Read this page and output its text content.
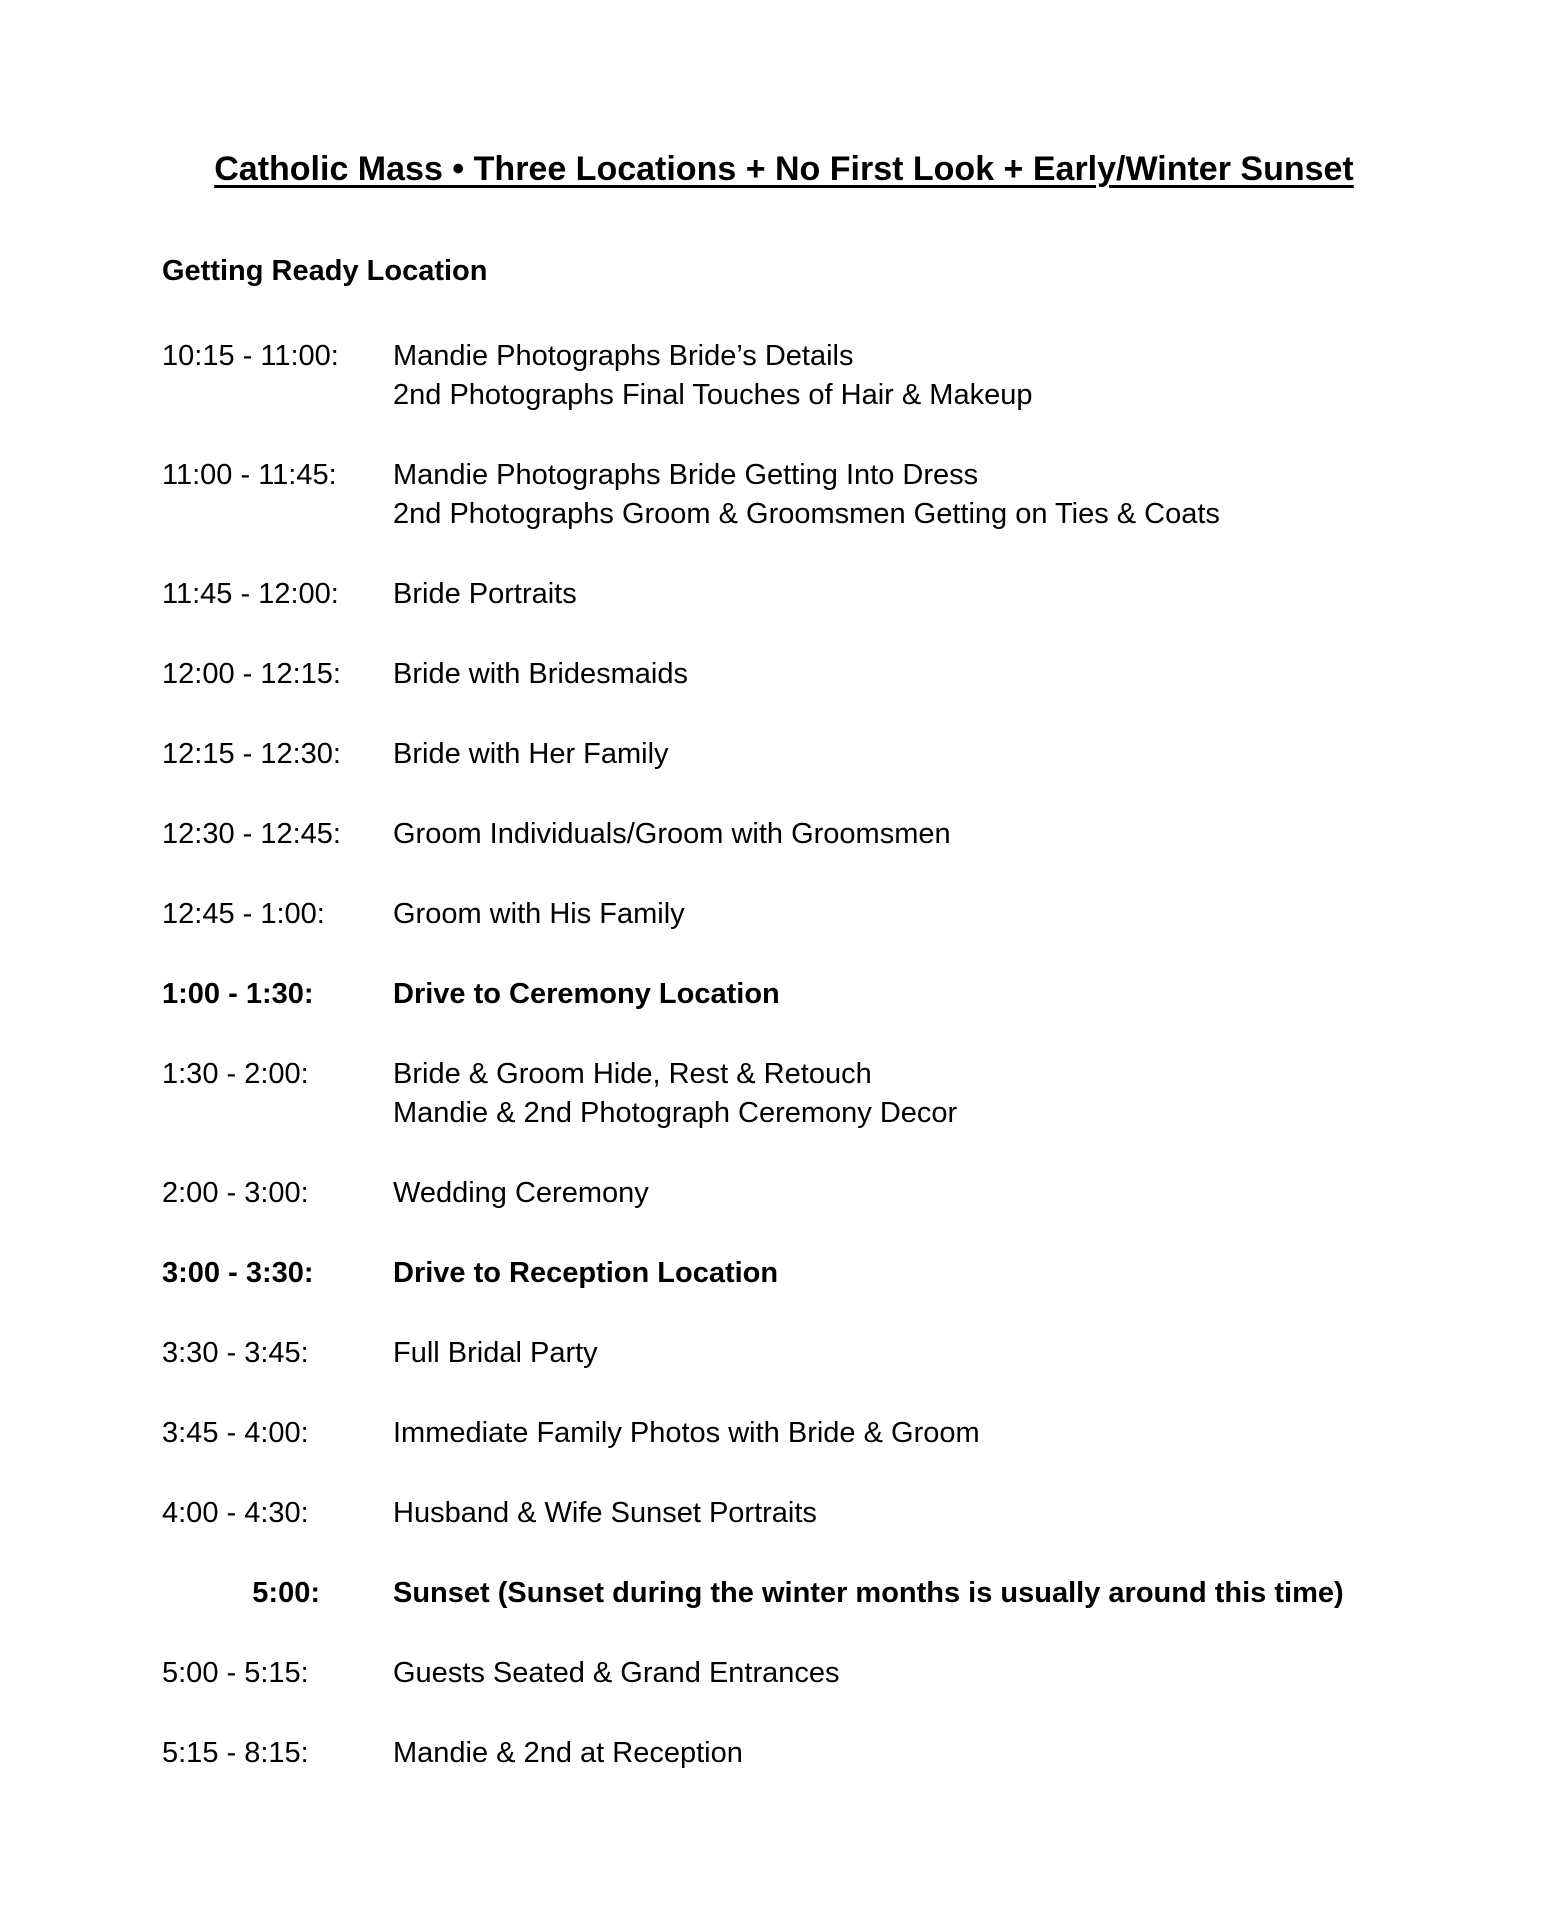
Catholic Mass • Three Locations + No First Look + Early/Winter Sunset
Getting Ready Location
10:15 - 11:00:	Mandie Photographs Bride’s Details
2nd Photographs Final Touches of Hair & Makeup
11:00 - 11:45:	Mandie Photographs Bride Getting Into Dress
2nd Photographs Groom & Groomsmen Getting on Ties & Coats
11:45 - 12:00:	Bride Portraits
12:00 - 12:15:	Bride with Bridesmaids
12:15 - 12:30:	Bride with Her Family
12:30 - 12:45:	Groom Individuals/Groom with Groomsmen
12:45 - 1:00:	Groom with His Family
1:00 - 1:30:	Drive to Ceremony Location
1:30 - 2:00:	Bride & Groom Hide, Rest & Retouch
Mandie & 2nd Photograph Ceremony Decor
2:00 - 3:00:	Wedding Ceremony
3:00 - 3:30:	Drive to Reception Location
3:30 - 3:45:	Full Bridal Party
3:45 - 4:00:	Immediate Family Photos with Bride & Groom
4:00 - 4:30:	Husband & Wife Sunset Portraits
5:00:	Sunset (Sunset during the winter months is usually around this time)
5:00 - 5:15:	Guests Seated & Grand Entrances
5:15 - 8:15:	Mandie & 2nd at Reception
